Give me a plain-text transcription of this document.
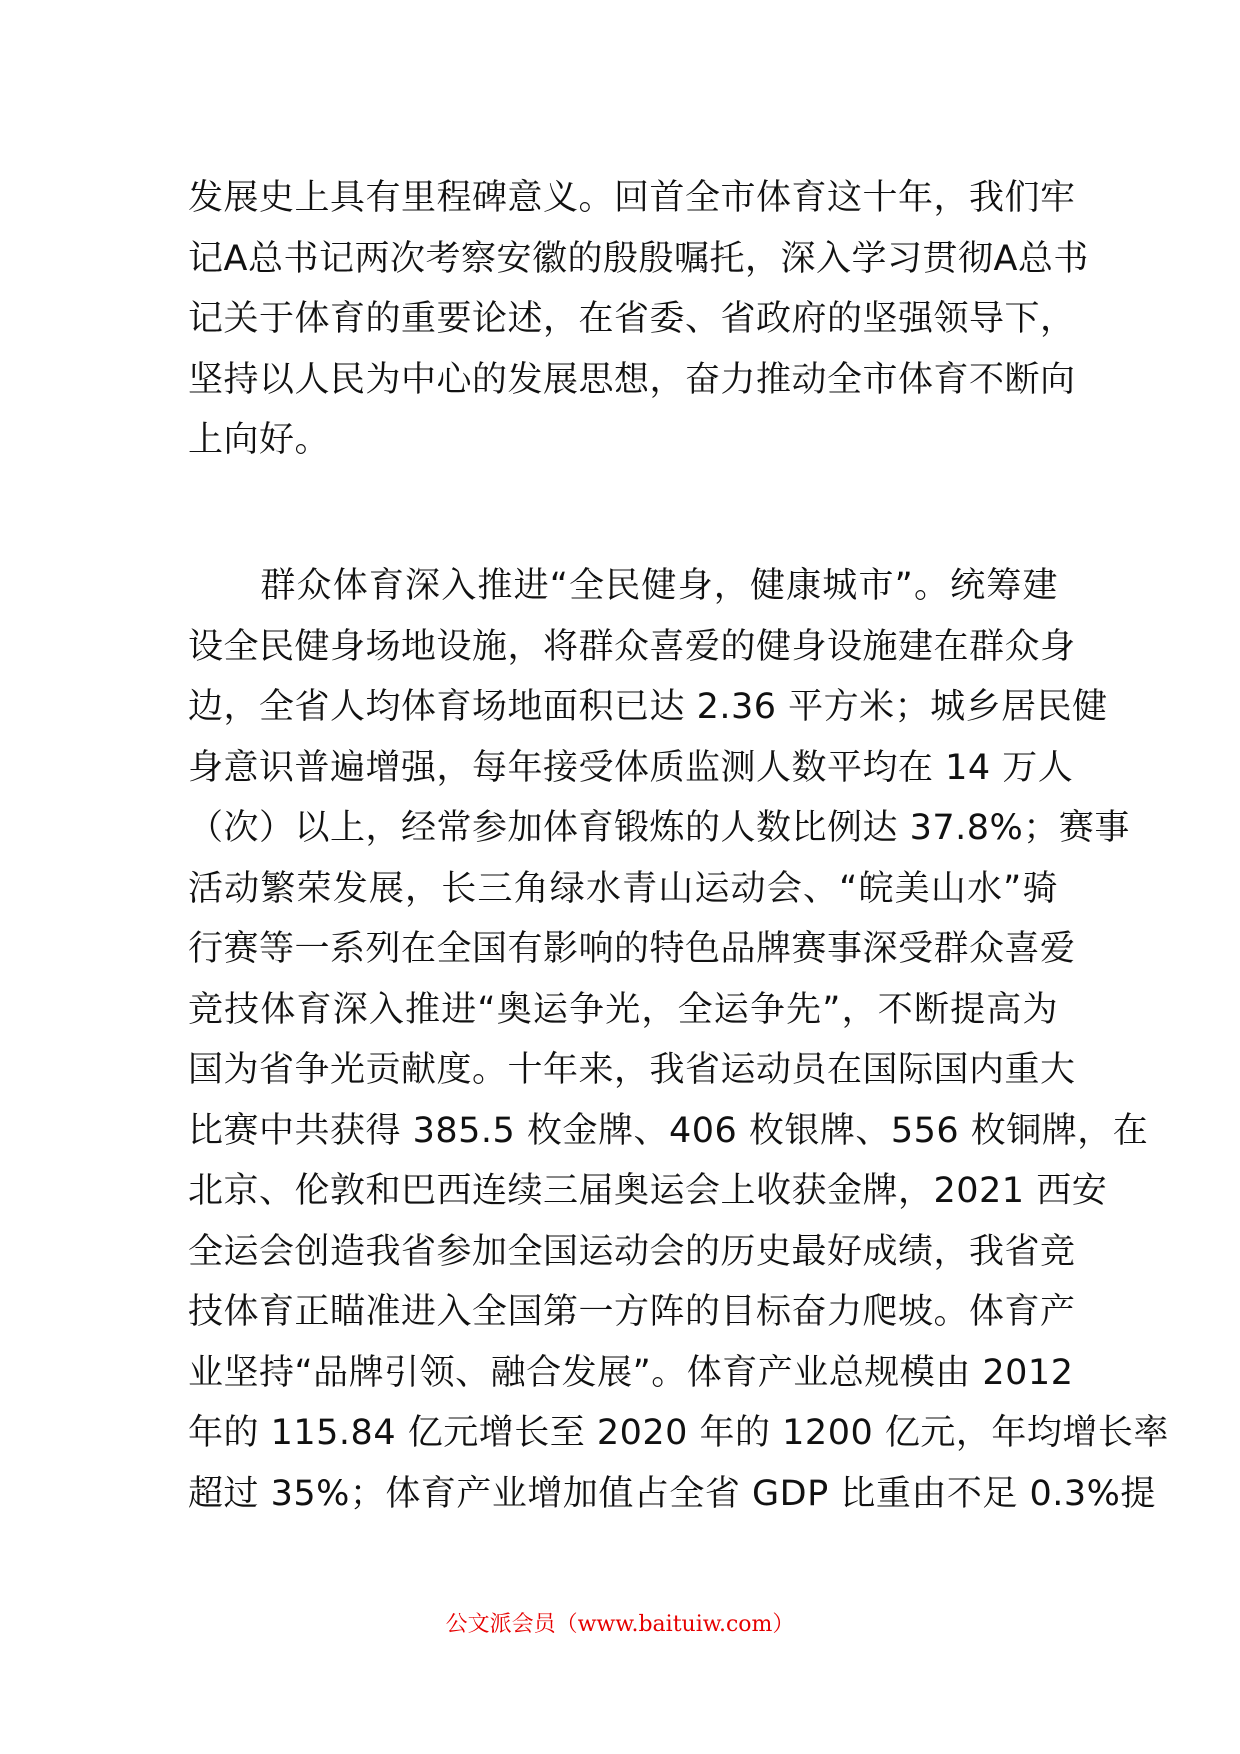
发展史上具有里程碑意义。回首全市体育这十年，我们牢
记A总书记两次考察安徽的殷殷嘱托，深入学习贯彻A总书
记关于体育的重要论述，在省委、省政府的坚强领导下，
坚持以人民为中心的发展思想，奋力推动全市体育不断向
上向好。
　　群众体育深入推进“全民健身，健康城市”。统筹建
设全民健身场地设施，将群众喜爱的健身设施建在群众身
边，全省人均体育场地面积已达 2.36 平方米；城乡居民健
身意识普遍增强，每年接受体质监测人数平均在 14 万人
（次）以上，经常参加体育锻炼的人数比例达 37.8%；赛事
活动繁荣发展，长三角绿水青山运动会、“皖美山水”骑
行赛等一系列在全国有影响的特色品牌赛事深受群众喜爱
竞技体育深入推进“奥运争光，全运争先”，不断提高为
国为省争光贡献度。十年来，我省运动员在国际国内重大
比赛中共获得 385.5 枚金牌、406 枚银牌、556 枚铜牌，在
北京、伦敦和巴西连续三届奥运会上收获金牌，2021 西安
全运会创造我省参加全国运动会的历史最好成绩，我省竞
技体育正瞄准进入全国第一方阵的目标奋力爬坡。体育产
业坚持“品牌引领、融合发展”。体育产业总规模由 2012
年的 115.84 亿元增长至 2020 年的 1200 亿元，年均增长率
超过 35%；体育产业增加值占全省 GDP 比重由不足 0.3%提
公文派会员（www.baituiw.com）
